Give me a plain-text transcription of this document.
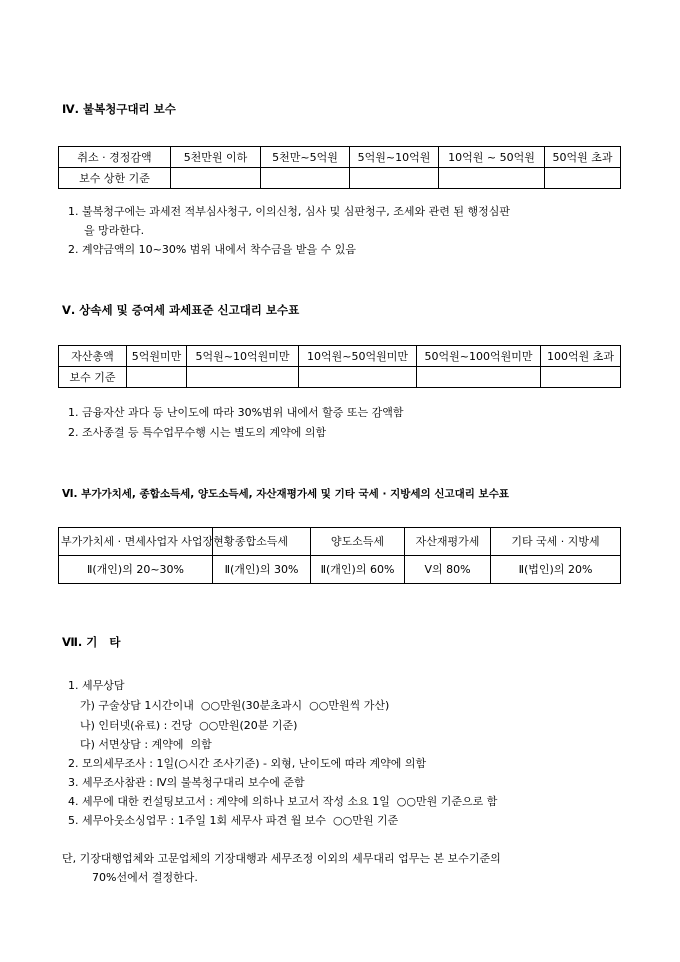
Ⅳ. 불복청구대리 보수
취소 · 경정감액	5천만원 이하	5천만~5억원	5억원~10억원	10억원 ~ 50억원	50억원 초과
보수 상한 기준					
1. 불복청구에는 과세전 적부심사청구, 이의신청, 심사 및 심판청구, 조세와 관련 된 행정심판
을 망라한다.
2. 계약금액의 10~30% 범위 내에서 착수금을 받을 수 있음
Ⅴ. 상속세 및 증여세 과세표준 신고대리 보수표
자산총액	5억원미만	5억원~10억원미만	10억원~50억원미만	50억원~100억원미만	100억원 초과
보수 기준					
1. 금융자산 과다 등 난이도에 따라 30%범위 내에서 할증 또는 감액함
2. 조사종결 등 특수업무수행 시는 별도의 계약에 의함
Ⅵ. 부가가치세, 종합소득세, 양도소득세, 자산재평가세 및 기타 국세 · 지방세의 신고대리 보수표
부가가치세 · 면세사업자 사업장현황	종합소득세	양도소득세	자산재평가세	기타 국세 · 지방세
Ⅱ(개인)의 20~30%	Ⅱ(개인)의 30%	Ⅱ(개인)의 60%	Ⅴ의 80%	Ⅱ(법인)의 20%
Ⅶ. 기   타
1. 세무상담
가) 구술상담 1시간이내  ○○만원(30분초과시  ○○만원씩 가산)
나) 인터넷(유료) : 건당  ○○만원(20분 기준)
다) 서면상담 : 계약에  의함
2. 모의세무조사 : 1일(○시간 조사기준) - 외형, 난이도에 따라 계약에 의함
3. 세무조사참관 : Ⅳ의 불복청구대리 보수에 준함
4. 세무에 대한 컨설팅보고서 : 계약에 의하나 보고서 작성 소요 1일  ○○만원 기준으로 함
5. 세무아웃소싱업무 : 1주일 1회 세무사 파견 월 보수  ○○만원 기준
단, 기장대행업체와 고문업체의 기장대행과 세무조정 이외의 세무대리 업무는 본 보수기준의
70%선에서 결정한다.
